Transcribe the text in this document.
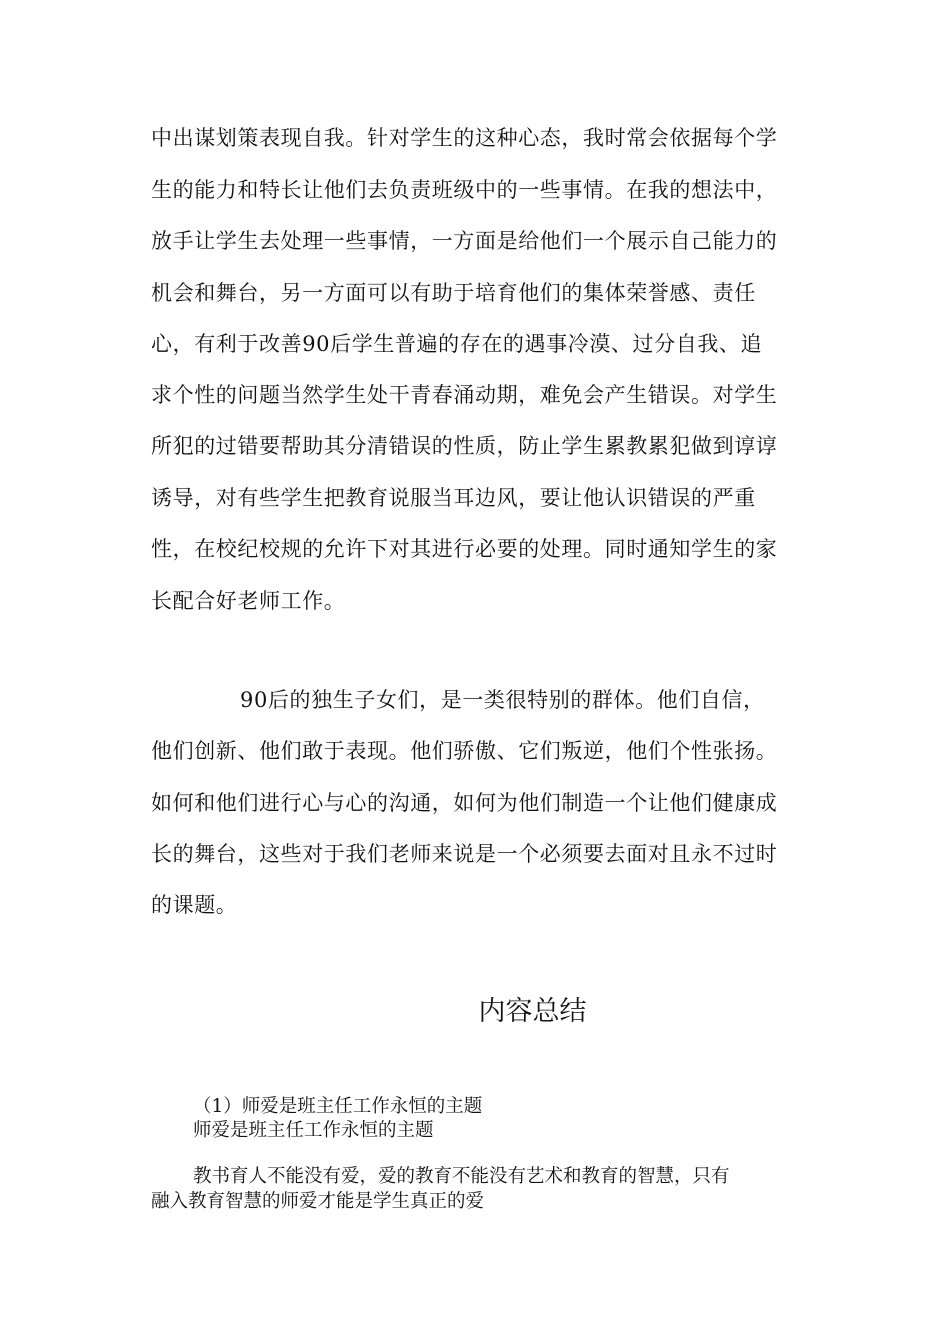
中出谋划策表现自我。针对学生的这种心态，我时常会依据每个学
生的能力和特长让他们去负责班级中的一些事情。在我的想法中，
放手让学生去处理一些事情，一方面是给他们一个展示自己能力的
机会和舞台，另一方面可以有助于培育他们的集体荣誉感、责任
心，有利于改善90后学生普遍的存在的遇事冷漠、过分自我、追
求个性的问题当然学生处干青春涌动期，难免会产生错误。对学生
所犯的过错要帮助其分清错误的性质，防止学生累教累犯做到谆谆
诱导，对有些学生把教育说服当耳边风，要让他认识错误的严重
性，在校纪校规的允许下对其进行必要的处理。同时通知学生的家
长配合好老师工作。
90后的独生子女们，是一类很特别的群体。他们自信，
他们创新、他们敢于表现。他们骄傲、它们叛逆，他们个性张扬。
如何和他们进行心与心的沟通，如何为他们制造一个让他们健康成
长的舞台，这些对于我们老师来说是一个必须要去面对且永不过时
的课题。
内容总结
（1）师爱是班主任工作永恒的主题
师爱是班主任工作永恒的主题
教书育人不能没有爱，爱的教育不能没有艺术和教育的智慧，只有
融入教育智慧的师爱才能是学生真正的爱
